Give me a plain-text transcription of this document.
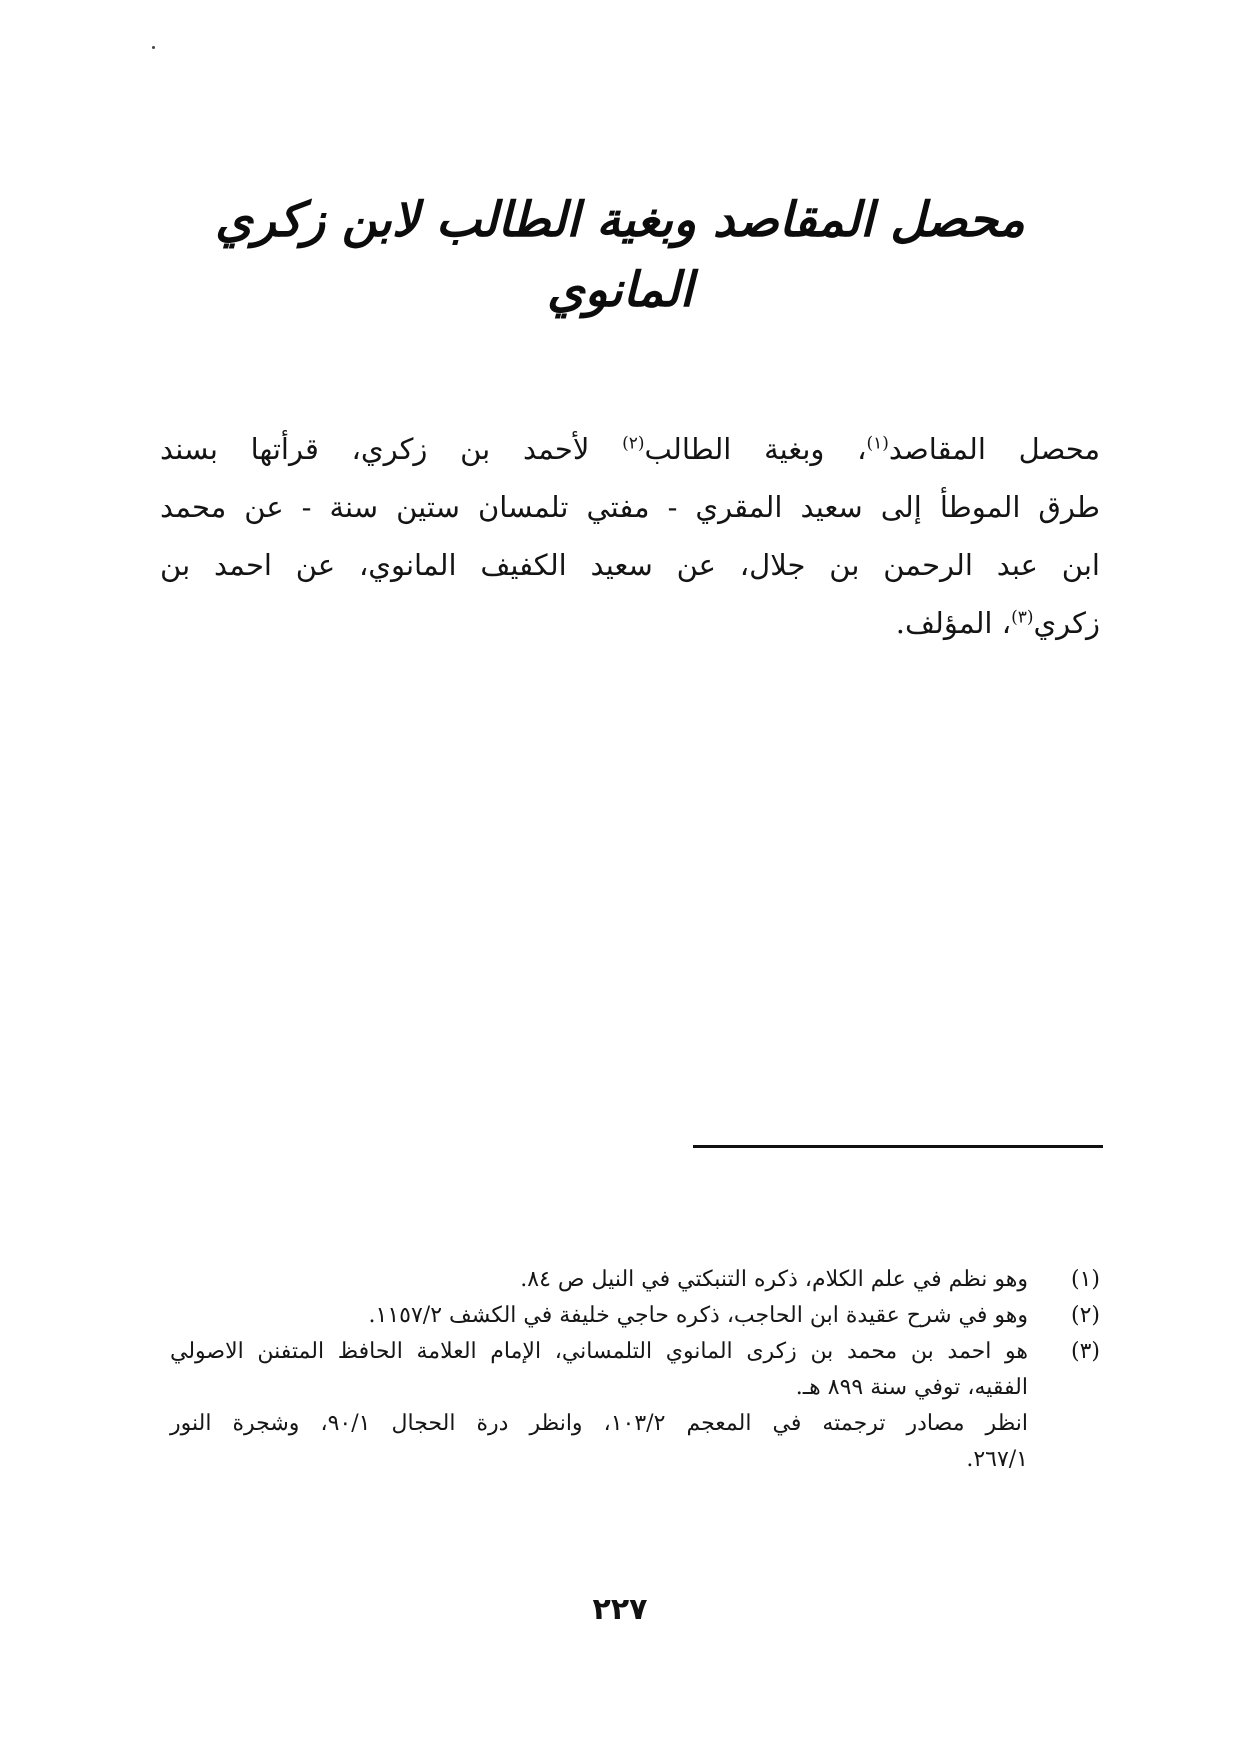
محصل المقاصد وبغية الطالب لابن زكري المانوي
محصل المقاصد$^{(١)}$، وبغية الطالب$^{(٢)}$ لأحمد بن زكري، قرأتها بسند
طرق الموطأ إلى سعيد المقري - مفتي تلمسان ستين سنة - عن محمد
ابن عبد الرحمن بن جلال، عن سعيد الكفيف المانوي، عن احمد بن
زكري$^{(٣)}$، المؤلف.
(١)
وهو نظم في علم الكلام، ذكره التنبكتي في النيل ص ٨٤.
(٢)
وهو في شرح عقيدة ابن الحاجب، ذكره حاجي خليفة في الكشف ١١٥٧/٢.
(٣)
هو احمد بن محمد بن زكرى المانوي التلمساني، الإمام العلامة الحافظ المتفنن الاصولي
الفقيه، توفي سنة ٨٩٩ هـ.
انظر مصادر ترجمته في المعجم ١٠٣/٢، وانظر درة الحجال ٩٠/١، وشجرة النور
٢٦٧/١.
٢٢٧
